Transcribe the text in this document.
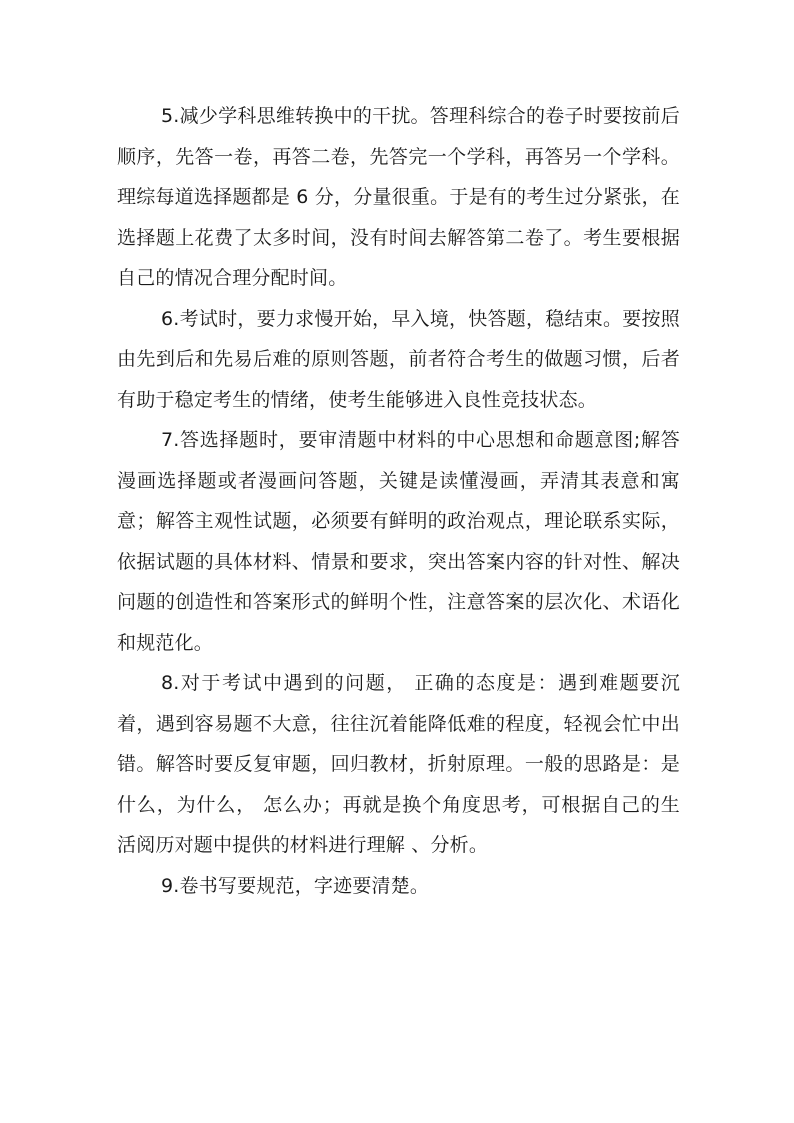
5.减少学科思维转换中的干扰。答理科综合的卷子时要按前后顺序，先答一卷，再答二卷，先答完一个学科，再答另一个学科。理综每道选择题都是 6 分，分量很重。于是有的考生过分紧张，在选择题上花费了太多时间，没有时间去解答第二卷了。考生要根据自己的情况合理分配时间。

6.考试时，要力求慢开始，早入境，快答题，稳结束。要按照由先到后和先易后难的原则答题，前者符合考生的做题习惯，后者有助于稳定考生的情绪，使考生能够进入良性竞技状态。

7.答选择题时，要审清题中材料的中心思想和命题意图;解答漫画选择题或者漫画问答题，关键是读懂漫画，弄清其表意和寓意；解答主观性试题，必须要有鲜明的政治观点，理论联系实际，依据试题的具体材料、情景和要求，突出答案内容的针对性、解决问题的创造性和答案形式的鲜明个性，注意答案的层次化、术语化和规范化。

8.对于考试中遇到的问题， 正确的态度是：遇到难题要沉着，遇到容易题不大意，往往沉着能降低难的程度，轻视会忙中出错。解答时要反复审题，回归教材，折射原理。一般的思路是：是什么，为什么， 怎么办；再就是换个角度思考，可根据自己的生活阅历对题中提供的材料进行理解 、分析。

9.卷书写要规范，字迹要清楚。
